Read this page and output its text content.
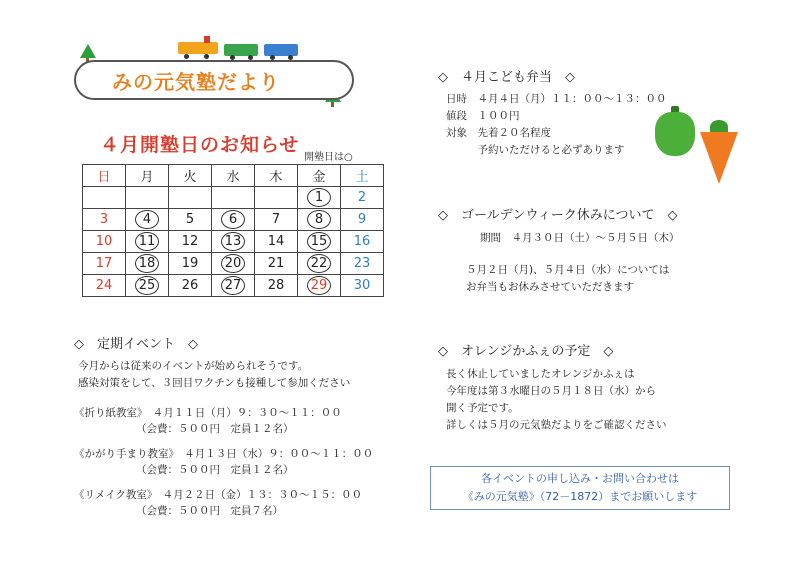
みの元気塾だより
４月開塾日のお知らせ
開塾日は○
日	月	火	水	木	金	土
					1	2
3	4	5	6	7	8	9
10	11	12	13	14	15	16
17	18	19	20	21	22	23
24	25	26	27	28	29	30
◇　定期イベント　◇
今月からは従来のイベントが始められそうです。
感染対策をして、３回目ワクチンも接種して参加ください
《折り紙教室》　４月１１日（月）９：３０～１１：００
（会費：５００円　定員１２名）
《かがり手まり教室》　４月１３日（水）９：００～１１：００
（会費：５００円　定員１２名）
《リメイク教室》　４月２２日（金）１３：３０～１５：００
（会費：５００円　定員７名）
◇　４月こども弁当　◇
日時　４月４日（月）１１：００～１３：００
値段　１００円
対象　先着２０名程度
　　　予約いただけると必ずあります
◇　ゴールデンウィーク休みについて　◇
期間　４月３０日（土）～５月５日（木）
５月２日（月)、５月４日（水）については
お弁当もお休みさせていただきます
◇　オレンジかふぇの予定　◇
長く休止していましたオレンジかふぇは
今年度は第３水曜日の５月１８日（水）から
開く予定です。
詳しくは５月の元気塾だよりをご確認ください
各イベントの申し込み・お問い合わせは
《みの元気塾》（72－1872）までお願いします
